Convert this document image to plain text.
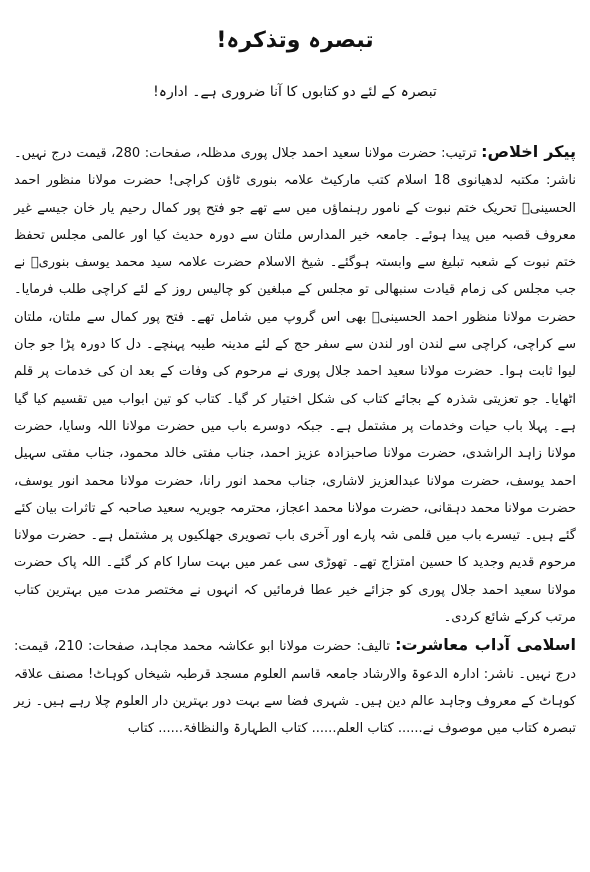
تبصرہ وتذکرہ!
تبصرہ کے لئے دو کتابوں کا آنا ضروری ہے۔ ادارہ!

پیکر اخلاص: ترتیب: حضرت مولانا سعید احمد جلال پوری مدظلہ، صفحات: 280، قیمت درج نہیں۔ ناشر: مکتبہ لدھیانوی 18 اسلام کتب مارکیٹ علامہ بنوری ٹاؤن کراچی! حضرت مولانا منظور احمد الحسینیؒ تحریک ختم نبوت کے نامور رہنماؤں میں سے تھے جو فتح پور کمال رحیم یار خان جیسے غیر معروف قصبہ میں پیدا ہوئے۔ جامعہ خیر المدارس ملتان سے دورہ حدیث کیا اور عالمی مجلس تحفظ ختم نبوت کے شعبہ تبلیغ سے وابستہ ہوگئے۔ شیخ الاسلام حضرت علامہ سید محمد یوسف بنوریؒ نے جب مجلس کی زمام قیادت سنبھالی تو مجلس کے مبلغین کو چالیس روز کے لئے کراچی طلب فرمایا۔ حضرت مولانا منظور احمد الحسینیؒ بھی اس گروپ میں شامل تھے۔ فتح پور کمال سے ملتان، ملتان سے کراچی، کراچی سے لندن اور لندن سے سفر حج کے لئے مدینہ طیبہ پہنچے۔ دل کا دورہ پڑا جو جان لیوا ثابت ہوا۔ حضرت مولانا سعید احمد جلال پوری نے مرحوم کی وفات کے بعد ان کی خدمات پر قلم اٹھایا۔ جو تعزیتی شذرہ کے بجائے کتاب کی شکل اختیار کر گیا۔ کتاب کو تین ابواب میں تقسیم کیا گیا ہے۔ پہلا باب حیات وخدمات پر مشتمل ہے۔ جبکہ دوسرے باب میں حضرت مولانا اللہ وسایا، حضرت مولانا زاہد الراشدی، حضرت مولانا صاحبزادہ عزیز احمد، جناب مفتی خالد محمود، جناب مفتی سہیل احمد یوسف، حضرت مولانا عبدالعزیز لاشاری، جناب محمد انور رانا، حضرت مولانا محمد انور یوسف، حضرت مولانا محمد دہقانی، حضرت مولانا محمد اعجاز، محترمہ جویریہ سعید صاحبہ کے تاثرات بیان کئے گئے ہیں۔ تیسرے باب میں قلمی شہ پارے اور آخری باب تصویری جھلکیوں پر مشتمل ہے۔ حضرت مولانا مرحوم قدیم وجدید کا حسین امتزاج تھے۔ تھوڑی سی عمر میں بہت سارا کام کر گئے۔ اللہ پاک حضرت مولانا سعید احمد جلال پوری کو جزائے خیر عطا فرمائیں کہ انہوں نے مختصر مدت میں بہترین کتاب مرتب کرکے شائع کردی۔

اسلامی آداب معاشرت: تالیف: حضرت مولانا ابو عکاشہ محمد مجاہد، صفحات: 210، قیمت: درج نہیں۔ ناشر: ادارہ الدعوۃ والارشاد جامعہ قاسم العلوم مسجد قرطبہ شیخاں کوہاٹ! مصنف علاقہ کوہاٹ کے معروف وجاہد عالم دین ہیں۔ شہری فضا سے بہت دور بہترین دار العلوم چلا رہے ہیں۔ زیر تبصرہ کتاب میں موصوف نے...... کتاب العلم...... کتاب الطہارۃ والنظافۃ...... کتاب
